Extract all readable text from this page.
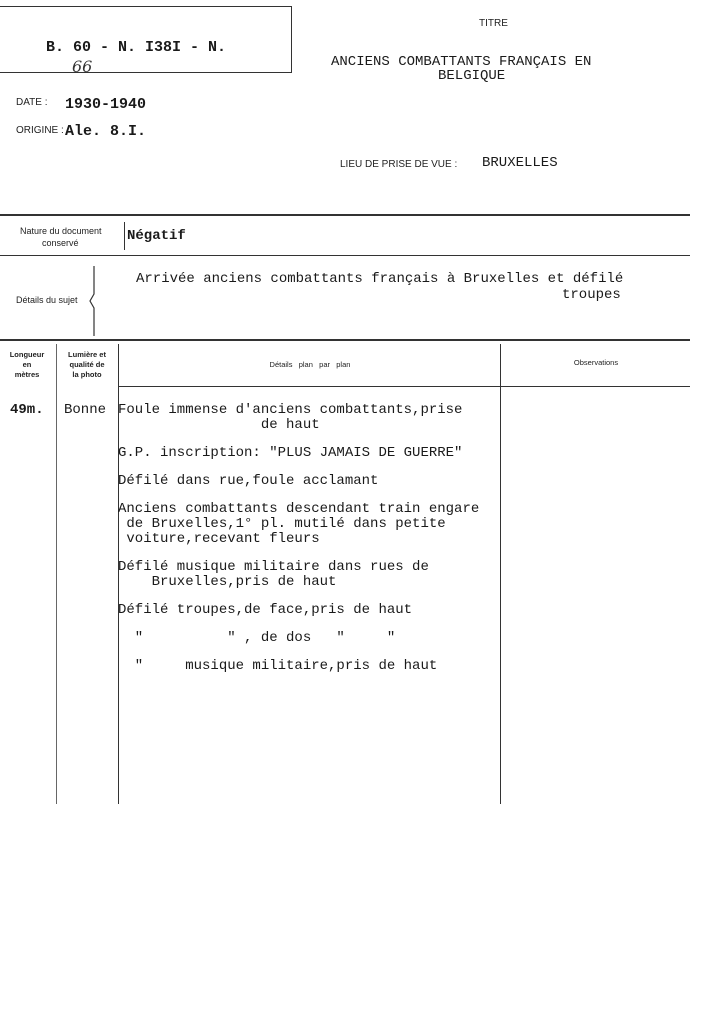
B. 60 - N. I38I - N.
66
TITRE
ANCIENS COMBATTANTS FRANÇAIS EN
BELGIQUE
DATE : 1930-1940
ORIGINE : Ale. 8.I.
LIEU DE PRISE DE VUE : BRUXELLES
Nature du document
conservé	Négatif
Détails du sujet
Arrivée anciens combattants français à Bruxelles et défilé
troupes
Longueur
en
mètres
Lumière et
qualité de
la photo
Détails   plan   par   plan	Observations
49m. Bonne Foule immense d'anciens combattants,prise
de haut
G.P. inscription: "PLUS JAMAIS DE GUERRE"
Défilé dans rue,foule acclamant
Anciens combattants descendant train engare
de Bruxelles,1° pl. mutilé dans petite
voiture,recevant fleurs
Défilé musique militaire dans rues de
Bruxelles,pris de haut
Défilé troupes,de face,pris de haut
"          " , de dos   "     "
"     musique militaire,pris de haut
